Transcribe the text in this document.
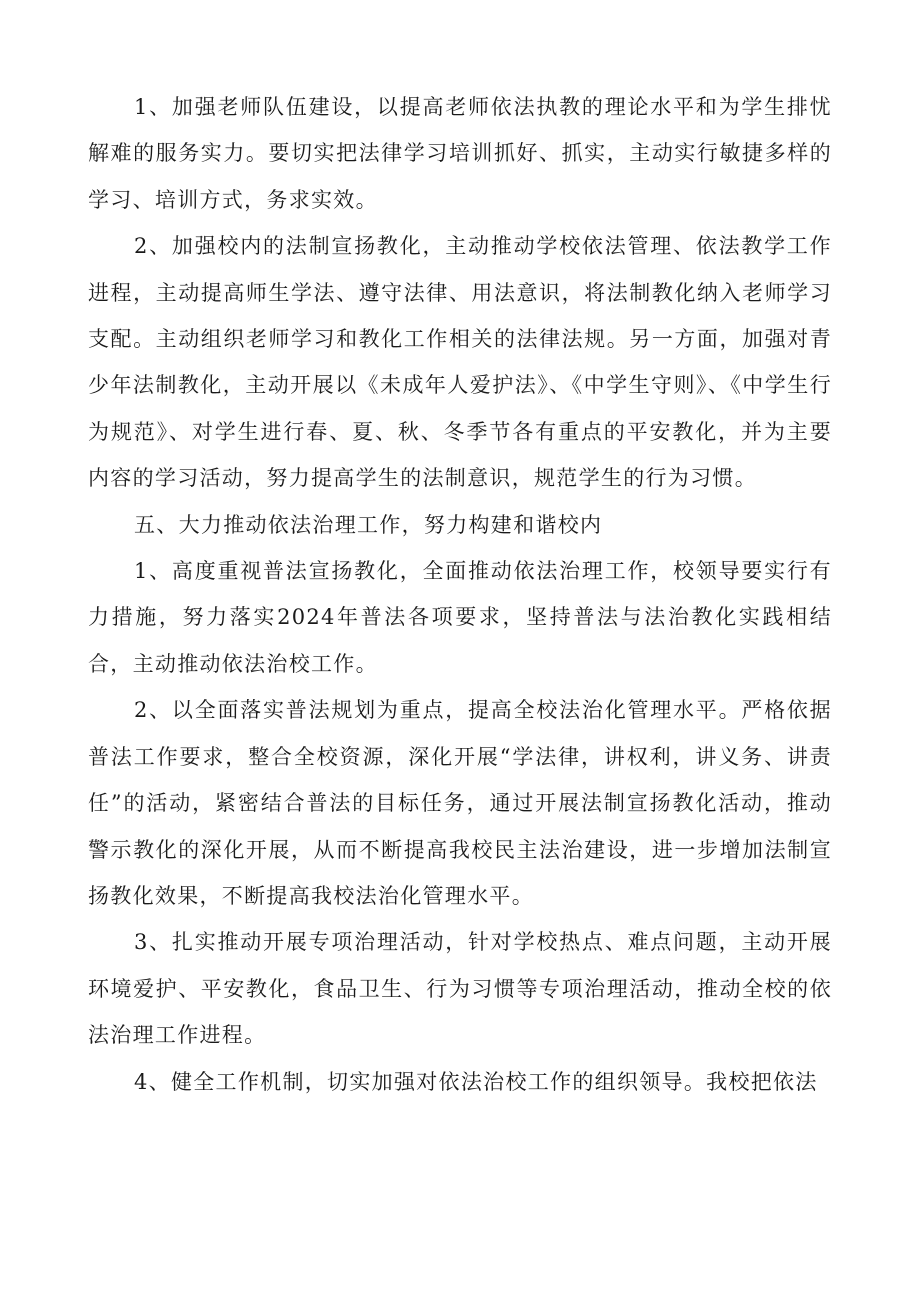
1、加强老师队伍建设，以提高老师依法执教的理论水平和为学生排忧解难的服务实力。要切实把法律学习培训抓好、抓实，主动实行敏捷多样的学习、培训方式，务求实效。

2、加强校内的法制宣扬教化，主动推动学校依法管理、依法教学工作进程，主动提高师生学法、遵守法律、用法意识，将法制教化纳入老师学习支配。主动组织老师学习和教化工作相关的法律法规。另一方面，加强对青少年法制教化，主动开展以《未成年人爱护法》、《中学生守则》、《中学生行为规范》、对学生进行春、夏、秋、冬季节各有重点的平安教化，并为主要内容的学习活动，努力提高学生的法制意识，规范学生的行为习惯。

五、大力推动依法治理工作，努力构建和谐校内

1、高度重视普法宣扬教化，全面推动依法治理工作，校领导要实行有力措施，努力落实2024年普法各项要求，坚持普法与法治教化实践相结合，主动推动依法治校工作。

2、以全面落实普法规划为重点，提高全校法治化管理水平。严格依据普法工作要求，整合全校资源，深化开展“学法律，讲权利，讲义务、讲责任”的活动，紧密结合普法的目标任务，通过开展法制宣扬教化活动，推动警示教化的深化开展，从而不断提高我校民主法治建设，进一步增加法制宣扬教化效果，不断提高我校法治化管理水平。

3、扎实推动开展专项治理活动，针对学校热点、难点问题，主动开展环境爱护、平安教化，食品卫生、行为习惯等专项治理活动，推动全校的依法治理工作进程。

4、健全工作机制，切实加强对依法治校工作的组织领导。我校把依法
